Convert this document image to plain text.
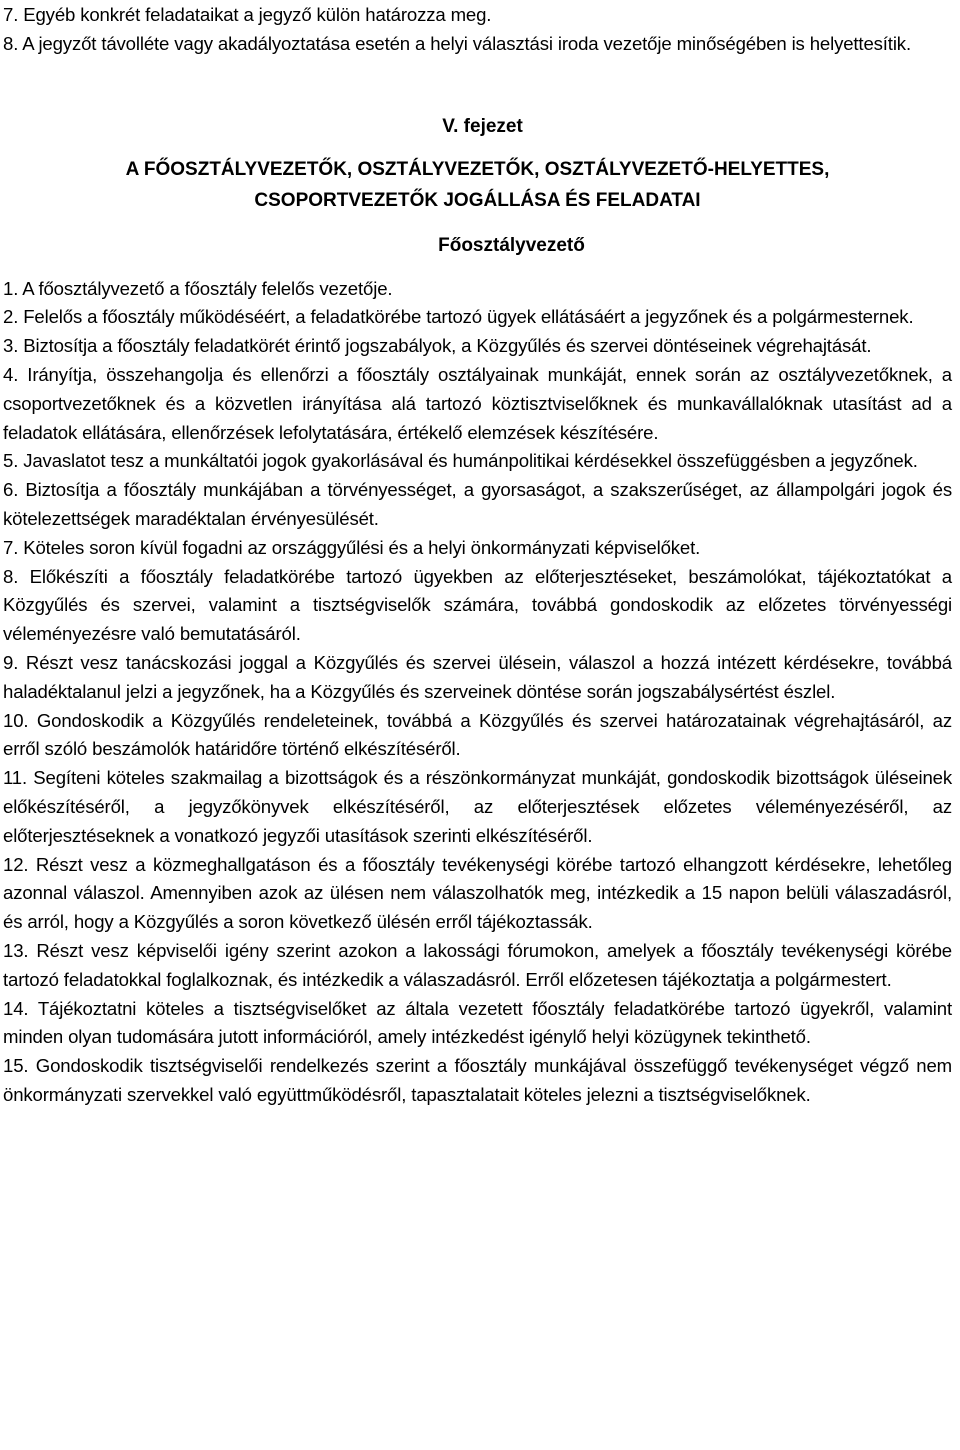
7. Egyéb konkrét feladataikat a jegyző külön határozza meg.

8. A jegyzőt távolléte vagy akadályoztatása esetén a helyi választási iroda vezetője minőségében is helyettesítik.

V. fejezet

A FŐOSZTÁLYVEZETŐK, OSZTÁLYVEZETŐK, OSZTÁLYVEZETŐ-HELYETTES,

CSOPORTVEZETŐK JOGÁLLÁSA ÉS FELADATAI

Főosztályvezető

1. A főosztályvezető a főosztály felelős vezetője.

2. Felelős a főosztály működéséért, a feladatkörébe tartozó ügyek ellátásáért a jegyzőnek és a polgármesternek.

3. Biztosítja a főosztály feladatkörét érintő jogszabályok, a Közgyűlés és szervei döntéseinek végrehajtását.

4. Irányítja, összehangolja és ellenőrzi a főosztály osztályainak munkáját, ennek során az osztályvezetőknek, a csoportvezetőknek és a közvetlen irányítása alá tartozó köztisztviselőknek és munkavállalóknak utasítást ad a feladatok ellátására, ellenőrzések lefolytatására, értékelő elemzések készítésére.

5. Javaslatot tesz a munkáltatói jogok gyakorlásával és humánpolitikai kérdésekkel összefüggésben a jegyzőnek.

6. Biztosítja a főosztály munkájában a törvényességet, a gyorsaságot, a szakszerűséget, az állampolgári jogok és kötelezettségek maradéktalan érvényesülését.

7. Köteles soron kívül fogadni az országgyűlési és a helyi önkormányzati képviselőket.

8. Előkészíti a főosztály feladatkörébe tartozó ügyekben az előterjesztéseket, beszámolókat, tájékoztatókat a Közgyűlés és szervei, valamint a tisztségviselők számára, továbbá gondoskodik az előzetes törvényességi véleményezésre való bemutatásáról.

9. Részt vesz tanácskozási joggal a Közgyűlés és szervei ülésein, válaszol a hozzá intézett kérdésekre, továbbá haladéktalanul jelzi a jegyzőnek, ha a Közgyűlés és szerveinek döntése során jogszabálysértést észlel.

10. Gondoskodik a Közgyűlés rendeleteinek, továbbá a Közgyűlés és szervei határozatainak végrehajtásáról, az erről szóló beszámolók határidőre történő elkészítéséről.

11. Segíteni köteles szakmailag a bizottságok és a részönkormányzat munkáját, gondoskodik bizottságok üléseinek előkészítéséről, a jegyzőkönyvek elkészítéséről, az előterjesztések előzetes véleményezéséről, az előterjesztéseknek a vonatkozó jegyzői utasítások szerinti elkészítéséről.

12. Részt vesz a közmeghallgatáson és a főosztály tevékenységi körébe tartozó elhangzott kérdésekre, lehetőleg azonnal válaszol. Amennyiben azok az ülésen nem válaszolhatók meg, intézkedik a 15 napon belüli válaszadásról, és arról, hogy a Közgyűlés a soron következő ülésén erről tájékoztassák.

13. Részt vesz képviselői igény szerint azokon a lakossági fórumokon, amelyek a főosztály tevékenységi körébe tartozó feladatokkal foglalkoznak, és intézkedik a válaszadásról. Erről előzetesen tájékoztatja a polgármestert.

14. Tájékoztatni köteles a tisztségviselőket az általa vezetett főosztály feladatkörébe tartozó ügyekről, valamint minden olyan tudomására jutott információról, amely intézkedést igénylő helyi közügynek tekinthető.

15. Gondoskodik tisztségviselői rendelkezés szerint a főosztály munkájával összefüggő tevékenységet végző nem önkormányzati szervekkel való együttműködésről, tapasztalatait köteles jelezni a tisztségviselőknek.
